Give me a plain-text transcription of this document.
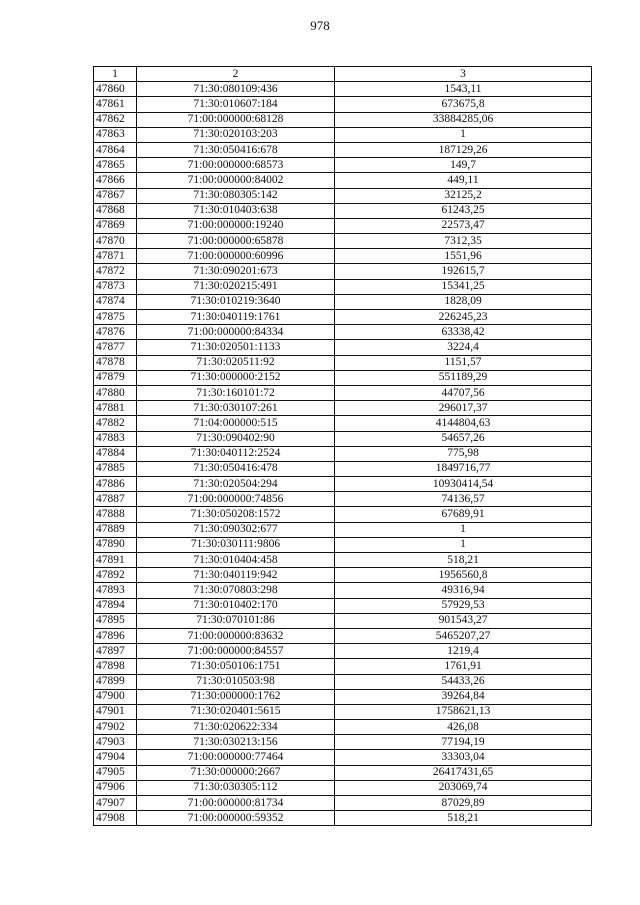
978
1	2	3
47860	71:30:080109:436	1543,11
47861	71:30:010607:184	673675,8
47862	71:00:000000:68128	33884285,06
47863	71:30:020103:203	1
47864	71:30:050416:678	187129,26
47865	71:00:000000:68573	149,7
47866	71:00:000000:84002	449,11
47867	71:30:080305:142	32125,2
47868	71:30:010403:638	61243,25
47869	71:00:000000:19240	22573,47
47870	71:00:000000:65878	7312,35
47871	71:00:000000:60996	1551,96
47872	71:30:090201:673	192615,7
47873	71:30:020215:491	15341,25
47874	71:30:010219:3640	1828,09
47875	71:30:040119:1761	226245,23
47876	71:00:000000:84334	63338,42
47877	71:30:020501:1133	3224,4
47878	71:30:020511:92	1151,57
47879	71:30:000000:2152	551189,29
47880	71:30:160101:72	44707,56
47881	71:30:030107:261	296017,37
47882	71:04:000000:515	4144804,63
47883	71:30:090402:90	54657,26
47884	71:30:040112:2524	775,98
47885	71:30:050416:478	1849716,77
47886	71:30:020504:294	10930414,54
47887	71:00:000000:74856	74136,57
47888	71:30:050208:1572	67689,91
47889	71:30:090302:677	1
47890	71:30:030111:9806	1
47891	71:30:010404:458	518,21
47892	71:30:040119:942	1956560,8
47893	71:30:070803:298	49316,94
47894	71:30:010402:170	57929,53
47895	71:30:070101:86	901543,27
47896	71:00:000000:83632	5465207,27
47897	71:00:000000:84557	1219,4
47898	71:30:050106:1751	1761,91
47899	71:30:010503:98	54433,26
47900	71:30:000000:1762	39264,84
47901	71:30:020401:5615	1758621,13
47902	71:30:020622:334	426,08
47903	71:30:030213:156	77194,19
47904	71:00:000000:77464	33303,04
47905	71:30:000000:2667	26417431,65
47906	71:30:030305:112	203069,74
47907	71:00:000000:81734	87029,89
47908	71:00:000000:59352	518,21
